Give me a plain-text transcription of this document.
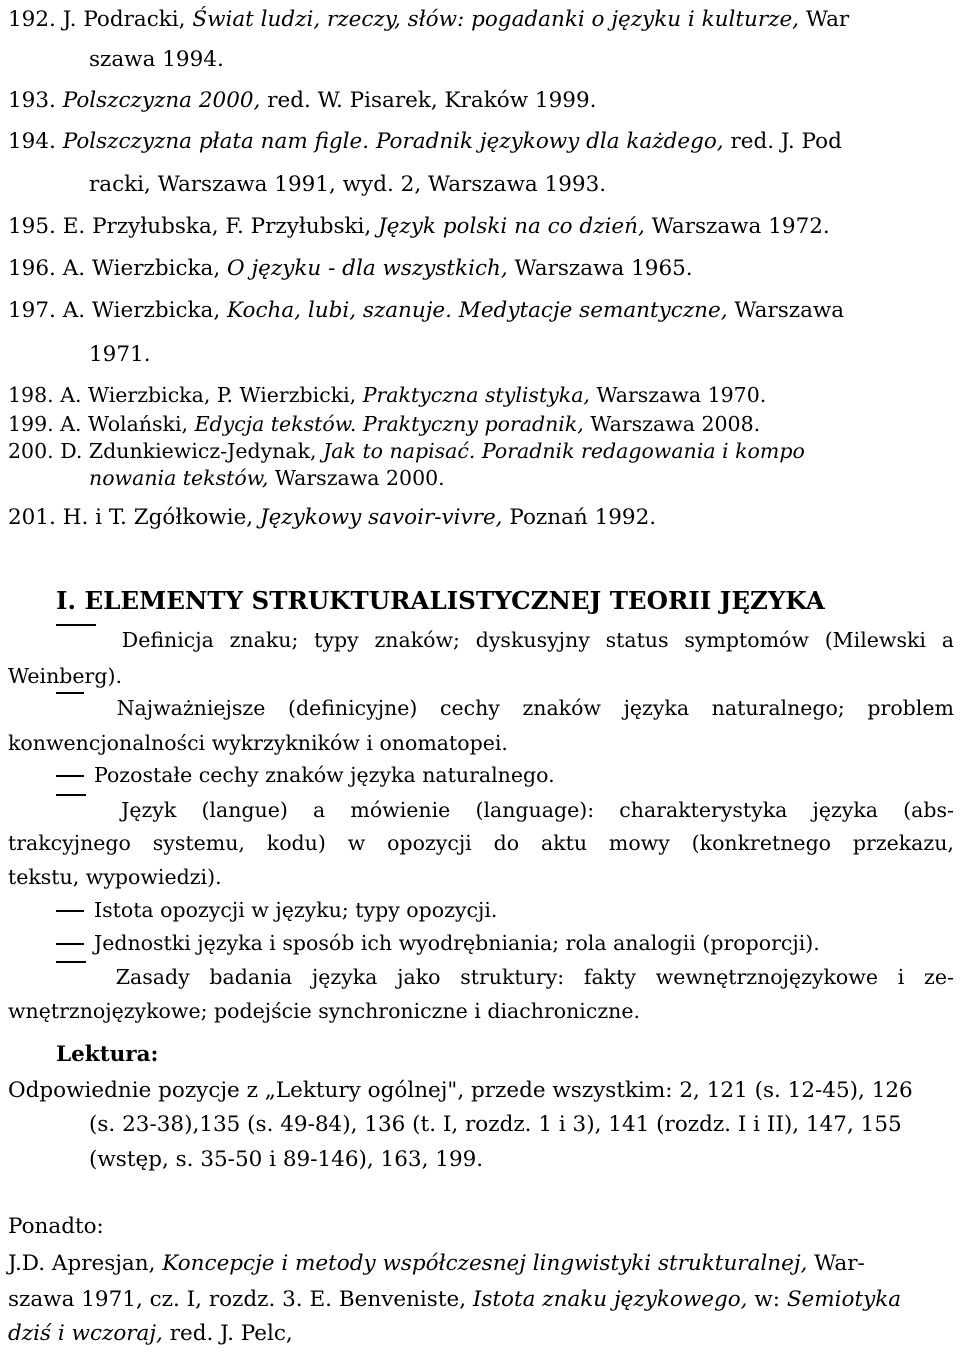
192. J. Podracki, Świat ludzi, rzeczy, słów: pogadanki o języku i kulturze, War
szawa 1994.
193. Polszczyzna 2000, red. W. Pisarek, Kraków 1999.
194. Polszczyzna płata nam figle. Poradnik językowy dla każdego, red. J. Pod
racki, Warszawa 1991, wyd. 2, Warszawa 1993.
195. E. Przyłubska, F. Przyłubski, Język polski na co dzień, Warszawa 1972.
196. A. Wierzbicka, O języku - dla wszystkich, Warszawa 1965.
197. A. Wierzbicka, Kocha, lubi, szanuje. Medytacje semantyczne, Warszawa
1971.
198. A. Wierzbicka, P. Wierzbicki, Praktyczna stylistyka, Warszawa 1970.
199. A. Wolański, Edycja tekstów. Praktyczny poradnik, Warszawa 2008.
200. D. Zdunkiewicz-Jedynak, Jak to napisać. Poradnik redagowania i kompo
nowania tekstów, Warszawa 2000.
201. H. i T. Zgółkowie, Językowy savoir-vivre, Poznań 1992.
I. ELEMENTY STRUKTURALISTYCZNEJ TEORII JĘZYKA
Definicja znaku; typy znaków; dyskusyjny status symptomów (Milewski a
Weinberg).
Najważniejsze (definicyjne) cechy znaków języka naturalnego; problem
konwencjonalności wykrzykników i onomatopei.
Pozostałe cechy znaków języka naturalnego.
Język (langue) a mówienie (language): charakterystyka języka (abs-
trakcyjnego systemu, kodu) w opozycji do aktu mowy (konkretnego przekazu,
tekstu, wypowiedzi).
Istota opozycji w języku; typy opozycji.
Jednostki języka i sposób ich wyodrębniania; rola analogii (proporcji).
Zasady badania języka jako struktury: fakty wewnętrznojęzykowe i ze-
wnętrznojęzykowe; podejście synchroniczne i diachroniczne.
Lektura:
Odpowiednie pozycje z „Lektury ogólnej", przede wszystkim: 2, 121 (s. 12-45), 126
(s. 23-38),135 (s. 49-84), 136 (t. I, rozdz. 1 i 3), 141 (rozdz. I i II), 147, 155
(wstęp, s. 35-50 i 89-146), 163, 199.
Ponadto:
J.D. Apresjan, Koncepcje i metody współczesnej lingwistyki strukturalnej, War-
szawa 1971, cz. I, rozdz. 3. E. Benveniste, Istota znaku językowego, w: Semiotyka
dziś i wczoraj, red. J. Pelc,
